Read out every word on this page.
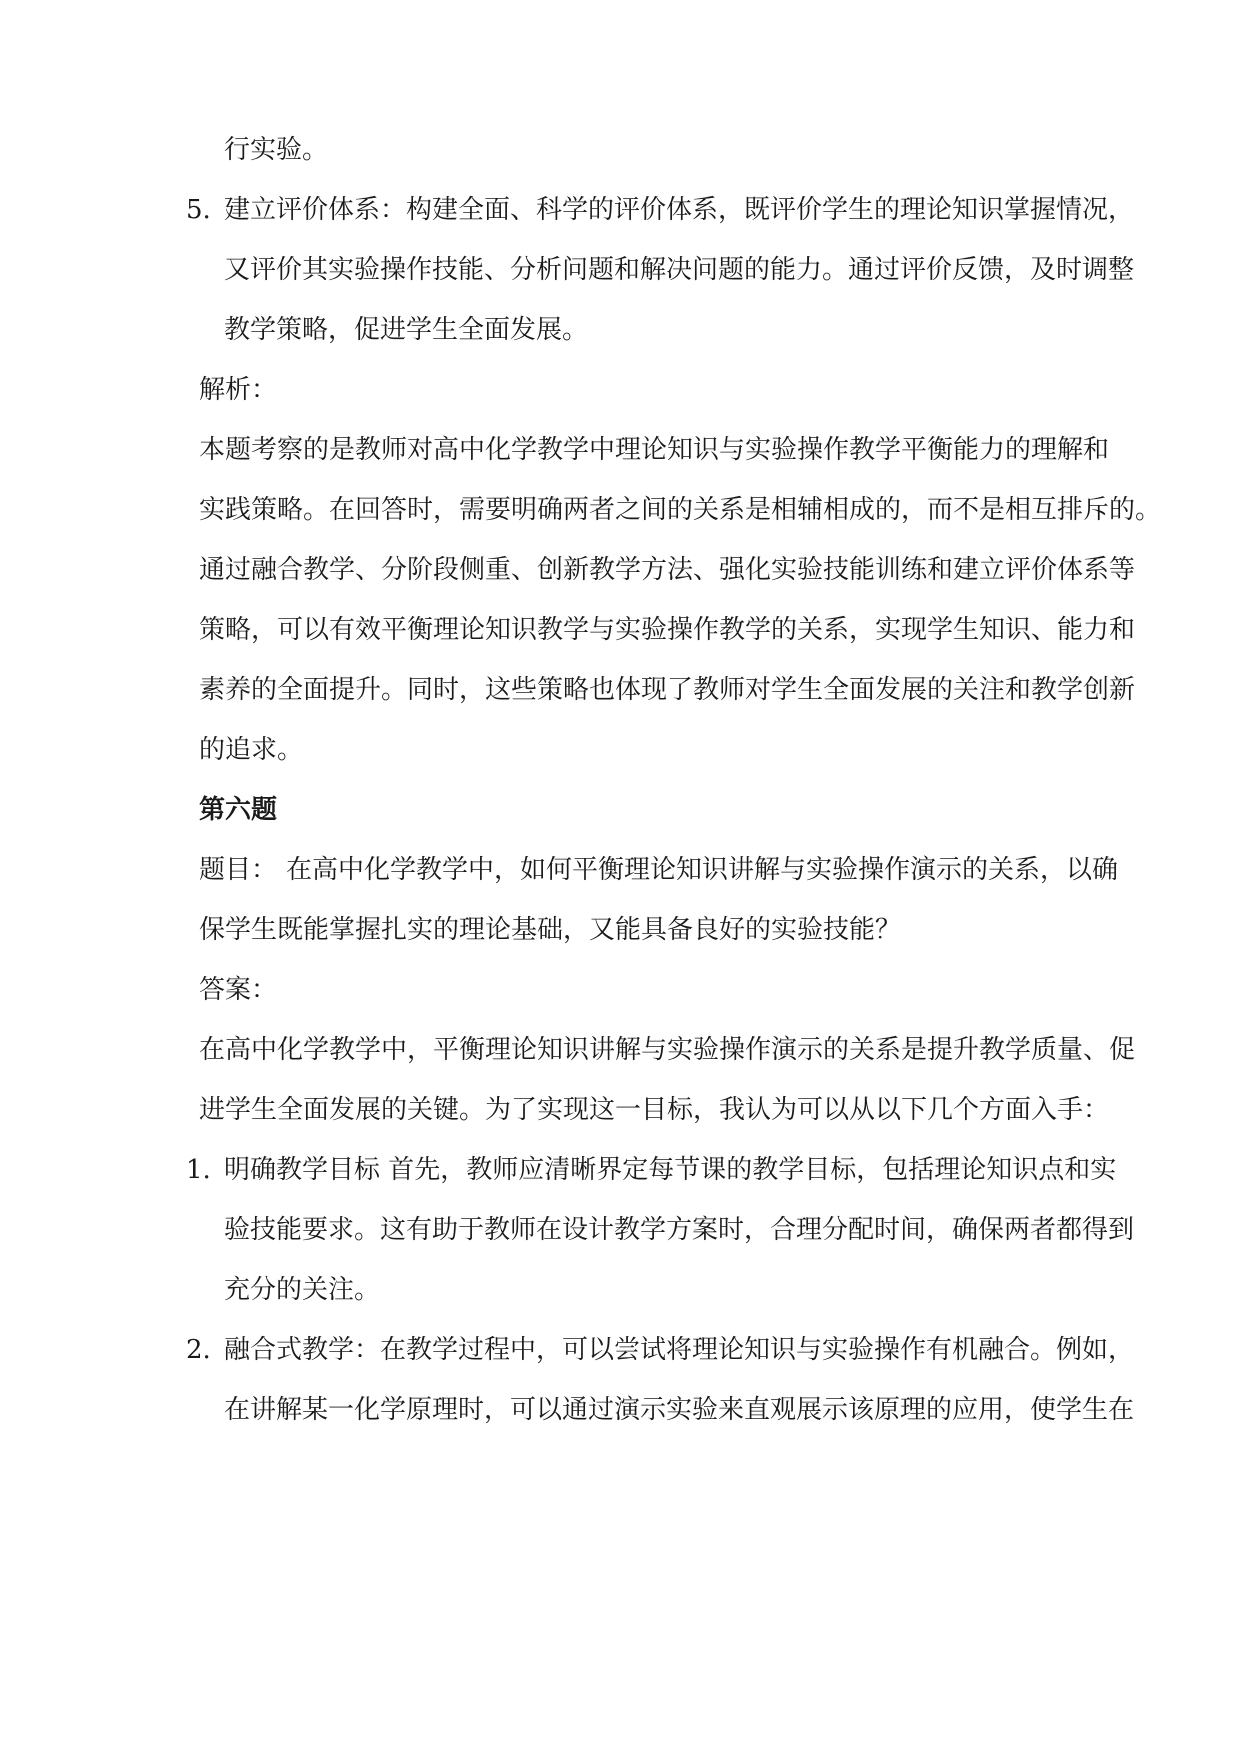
行实验。
5. 建立评价体系：构建全面、科学的评价体系，既评价学生的理论知识掌握情况，
又评价其实验操作技能、分析问题和解决问题的能力。通过评价反馈，及时调整
教学策略，促进学生全面发展。
解析：
本题考察的是教师对高中化学教学中理论知识与实验操作教学平衡能力的理解和
实践策略。在回答时，需要明确两者之间的关系是相辅相成的，而不是相互排斥的。
通过融合教学、分阶段侧重、创新教学方法、强化实验技能训练和建立评价体系等
策略，可以有效平衡理论知识教学与实验操作教学的关系，实现学生知识、能力和
素养的全面提升。同时，这些策略也体现了教师对学生全面发展的关注和教学创新
的追求。
第六题
题目： 在高中化学教学中，如何平衡理论知识讲解与实验操作演示的关系，以确
保学生既能掌握扎实的理论基础，又能具备良好的实验技能？
答案：
在高中化学教学中，平衡理论知识讲解与实验操作演示的关系是提升教学质量、促
进学生全面发展的关键。为了实现这一目标，我认为可以从以下几个方面入手：
1. 明确教学目标 首先，教师应清晰界定每节课的教学目标，包括理论知识点和实
验技能要求。这有助于教师在设计教学方案时，合理分配时间，确保两者都得到
充分的关注。
2. 融合式教学：在教学过程中，可以尝试将理论知识与实验操作有机融合。例如，
在讲解某一化学原理时，可以通过演示实验来直观展示该原理的应用，使学生在
